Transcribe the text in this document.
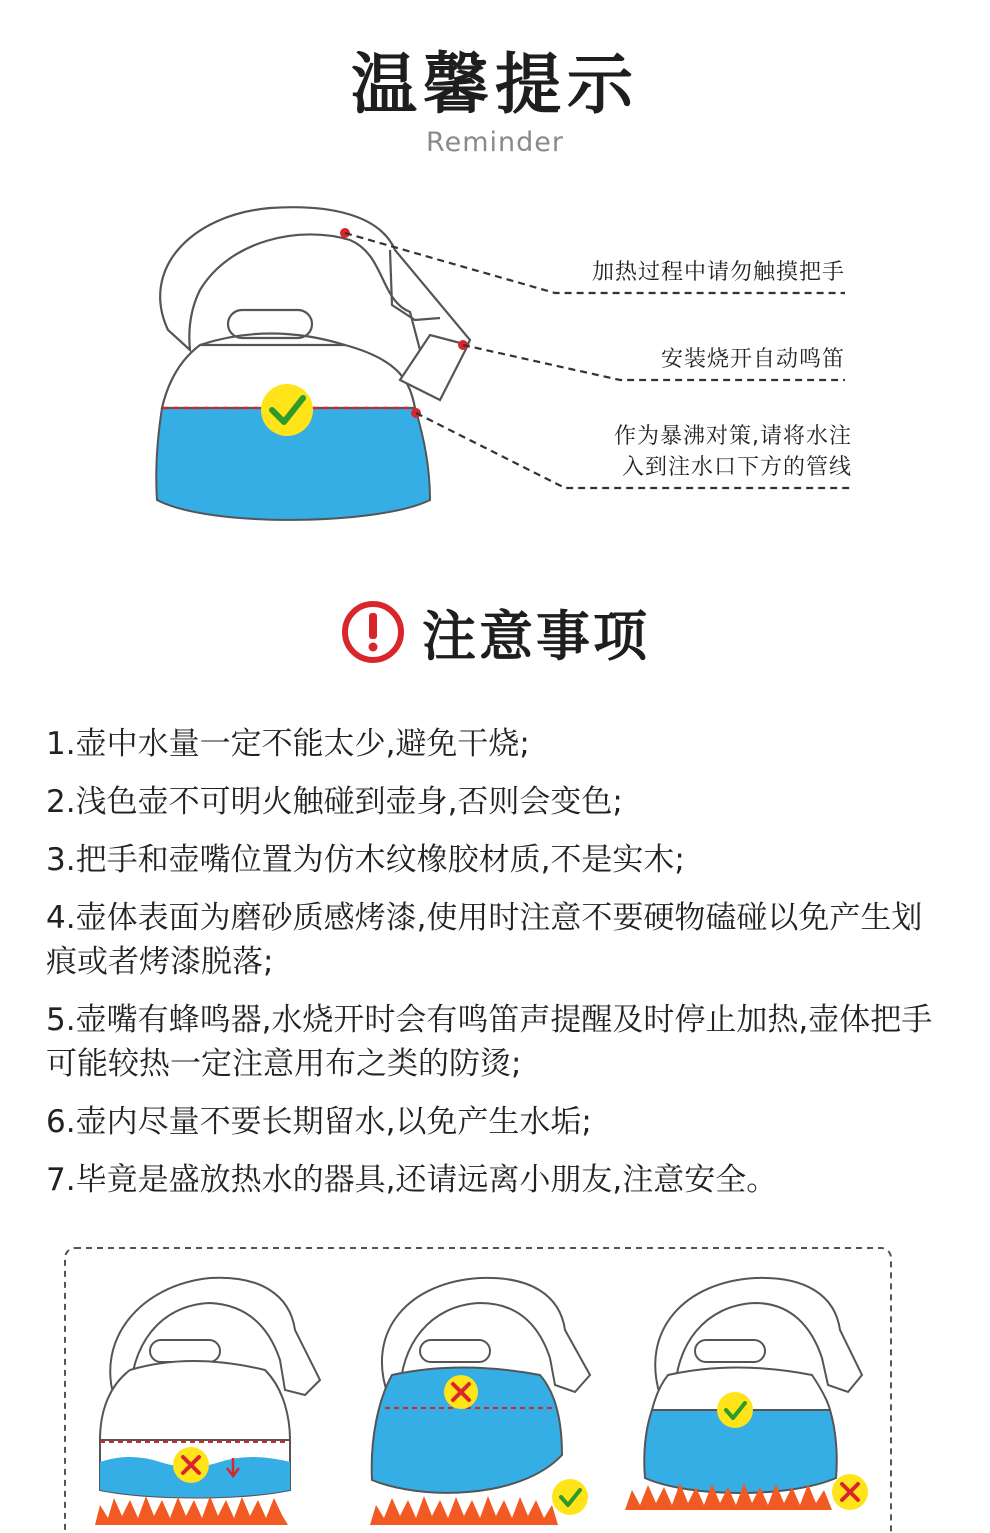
温馨提示
Reminder
加热过程中请勿触摸把手
安装烧开自动鸣笛
作为暴沸对策,请将水注
入到注水口下方的管线
注意事项
1.壶中水量一定不能太少,避免干烧;
2.浅色壶不可明火触碰到壶身,否则会变色;
3.把手和壶嘴位置为仿木纹橡胶材质,不是实木;
4.壶体表面为磨砂质感烤漆,使用时注意不要硬物磕碰以免产生划痕或者烤漆脱落;
5.壶嘴有蜂鸣器,水烧开时会有鸣笛声提醒及时停止加热,壶体把手可能较热一定注意用布之类的防烫;
6.壶内尽量不要长期留水,以免产生水垢;
7.毕竟是盛放热水的器具,还请远离小朋友,注意安全。
